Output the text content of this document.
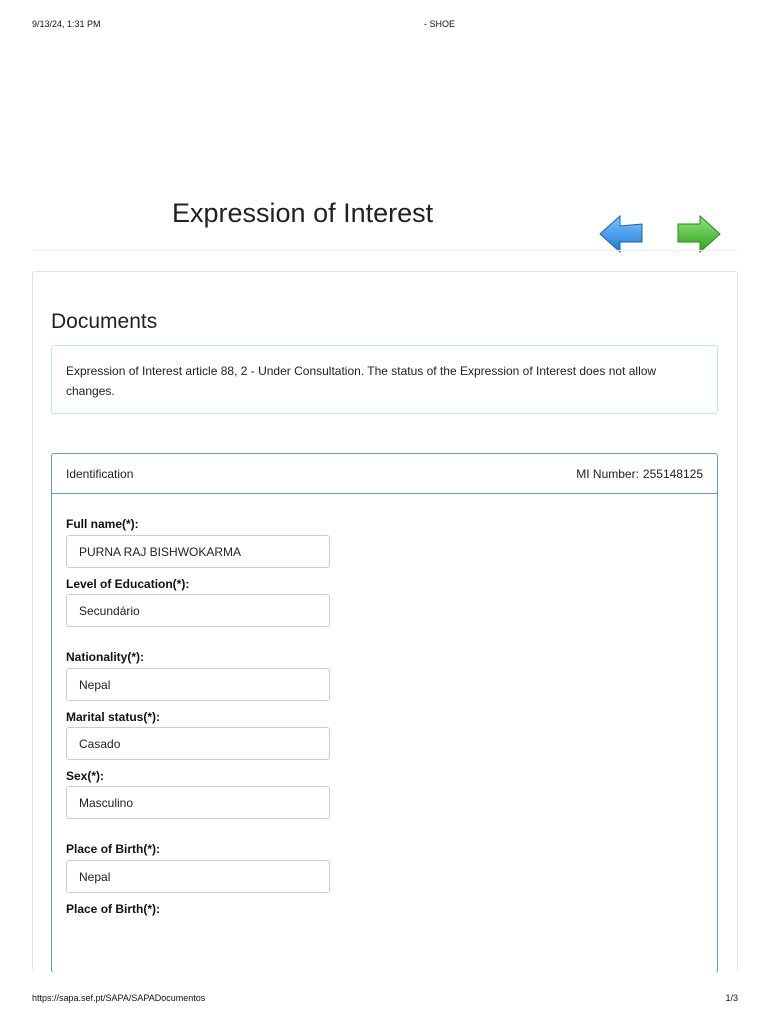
9/13/24, 1:31 PM	- SHOE
Expression of Interest
Documents
Expression of Interest article 88, 2 - Under Consultation. The status of the Expression of Interest does not allow changes.
Identification	MI Number: 255148125
Full name(*):
PURNA RAJ BISHWOKARMA
Level of Education(*):
Secundário
Nationality(*):
Nepal
Marital status(*):
Casado
Sex(*):
Masculino
Place of Birth(*):
Nepal
Place of Birth(*):
https://sapa.sef.pt/SAPA/SAPADocumentos	1/3
